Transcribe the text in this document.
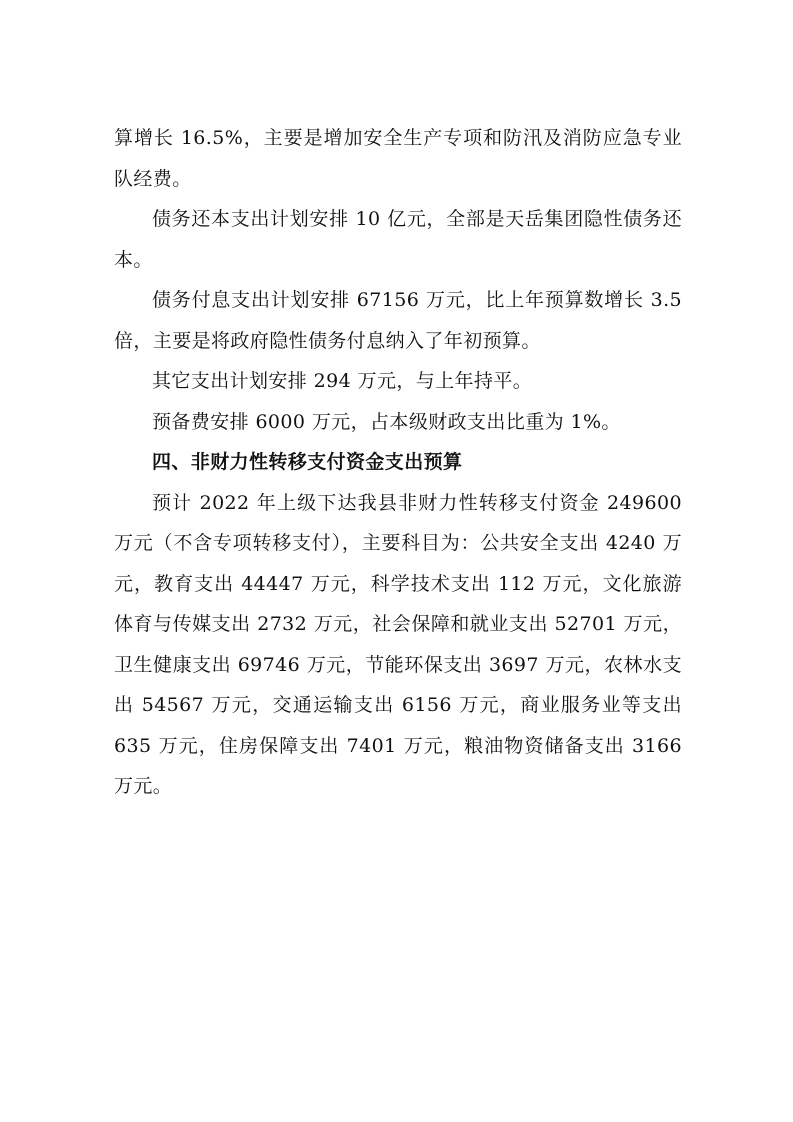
算增长 16.5%，主要是增加安全生产专项和防汛及消防应急专业队经费。

债务还本支出计划安排 10 亿元，全部是天岳集团隐性债务还本。

债务付息支出计划安排 67156 万元，比上年预算数增长 3.5 倍，主要是将政府隐性债务付息纳入了年初预算。

其它支出计划安排 294 万元，与上年持平。

预备费安排 6000 万元，占本级财政支出比重为 1%。

四、非财力性转移支付资金支出预算

预计 2022 年上级下达我县非财力性转移支付资金 249600 万元（不含专项转移支付），主要科目为：公共安全支出 4240 万元，教育支出 44447 万元，科学技术支出 112 万元，文化旅游体育与传媒支出 2732 万元，社会保障和就业支出 52701 万元，卫生健康支出 69746 万元，节能环保支出 3697 万元，农林水支出 54567 万元，交通运输支出 6156 万元，商业服务业等支出 635 万元，住房保障支出 7401 万元，粮油物资储备支出 3166 万元。
